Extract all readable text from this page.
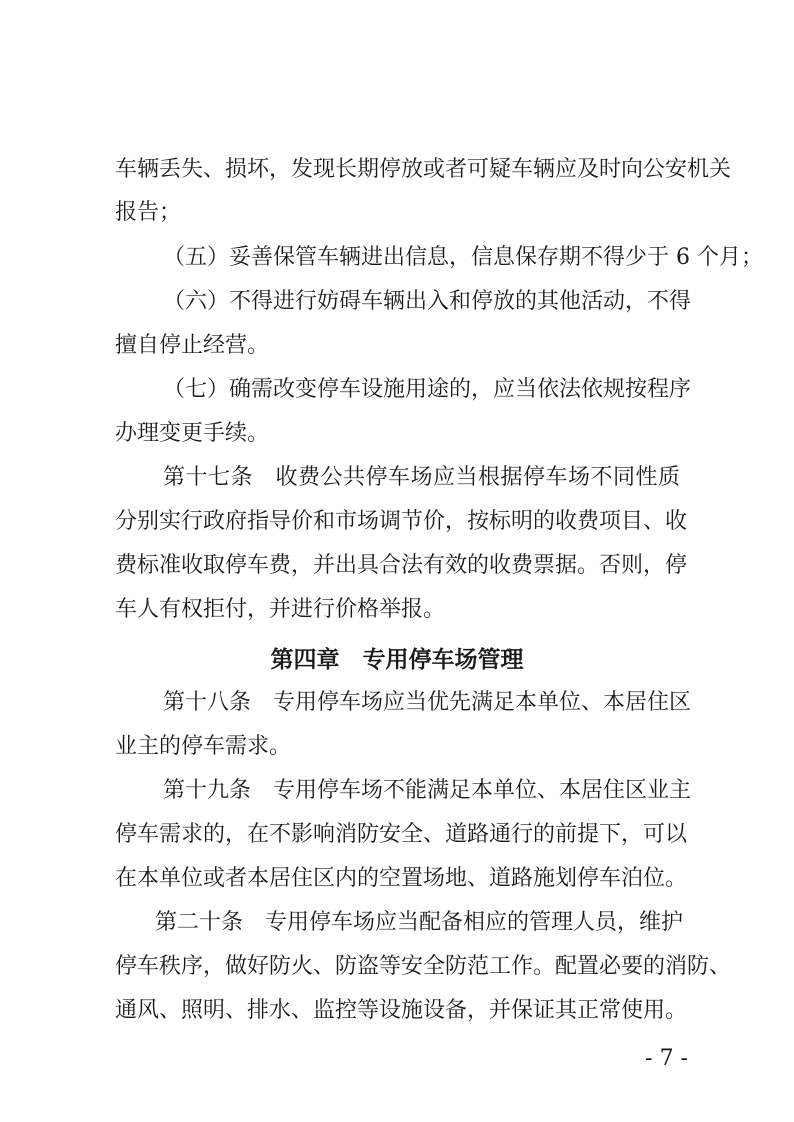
车辆丢失、损坏，发现长期停放或者可疑车辆应及时向公安机关
报告；
（五）妥善保管车辆进出信息，信息保存期不得少于 6 个月；
（六）不得进行妨碍车辆出入和停放的其他活动，不得
擅自停止经营。
（七）确需改变停车设施用途的，应当依法依规按程序
办理变更手续。
第十七条　收费公共停车场应当根据停车场不同性质
分别实行政府指导价和市场调节价，按标明的收费项目、收
费标准收取停车费，并出具合法有效的收费票据。否则，停
车人有权拒付，并进行价格举报。
第四章　专用停车场管理
第十八条　专用停车场应当优先满足本单位、本居住区
业主的停车需求。
第十九条　专用停车场不能满足本单位、本居住区业主
停车需求的，在不影响消防安全、道路通行的前提下，可以
在本单位或者本居住区内的空置场地、道路施划停车泊位。
第二十条　专用停车场应当配备相应的管理人员，维护
停车秩序，做好防火、防盗等安全防范工作。配置必要的消防、
通风、照明、排水、监控等设施设备，并保证其正常使用。
- 7 -
